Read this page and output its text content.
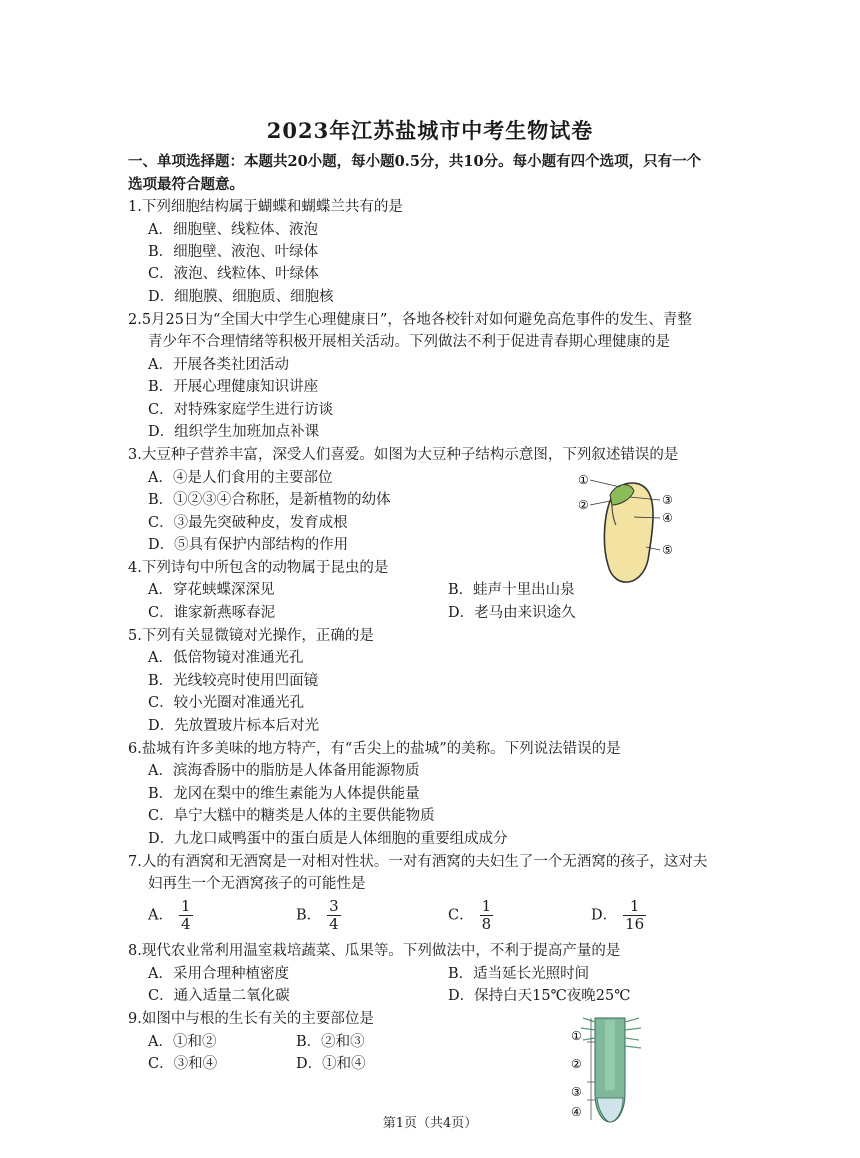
2023年江苏盐城市中考生物试卷
一、单项选择题：本题共20小题，每小题0.5分，共10分。每小题有四个选项，只有一个
选项最符合题意。
1.下列细胞结构属于蝴蝶和蝴蝶兰共有的是
A．细胞壁、线粒体、液泡
B．细胞壁、液泡、叶绿体
C．液泡、线粒体、叶绿体
D．细胞膜、细胞质、细胞核
2.5月25日为“全国大中学生心理健康日”，各地各校针对如何避免高危事件的发生、青整
青少年不合理情绪等积极开展相关活动。下列做法不利于促进青春期心理健康的是
A．开展各类社团活动
B．开展心理健康知识讲座
C．对特殊家庭学生进行访谈
D．组织学生加班加点补课
3.大豆种子营养丰富，深受人们喜爱。如图为大豆种子结构示意图，下列叙述错误的是
A．④是人们食用的主要部位
B．①②③④合称胚，是新植物的幼体
C．③最先突破种皮，发育成根
D．⑤具有保护内部结构的作用
①
②	③
④
⑤
4.下列诗句中所包含的动物属于昆虫的是
A．穿花蛱蝶深深见	B．蛙声十里出山泉
C．谁家新燕啄春泥	D．老马由来识途久
5.下列有关显微镜对光操作，正确的是
A．低倍物镜对准通光孔
B．光线较亮时使用凹面镜
C．较小光圈对准通光孔
D．先放置玻片标本后对光
6.盐城有许多美味的地方特产，有“舌尖上的盐城”的美称。下列说法错误的是
A．滨海香肠中的脂肪是人体备用能源物质
B．龙冈在梨中的维生素能为人体提供能量
C．阜宁大糕中的糖类是人体的主要供能物质
D．九龙口咸鸭蛋中的蛋白质是人体细胞的重要组成成分
7.人的有酒窝和无酒窝是一对相对性状。一对有酒窝的夫妇生了一个无酒窝的孩子，这对夫
妇再生一个无酒窝孩子的可能性是
A． $\frac{1}{4}$	B． $\frac{3}{4}$	C． $\frac{1}{8}$	D． $\frac{1}{16}$
8.现代农业常利用温室栽培蔬菜、瓜果等。下列做法中，不利于提高产量的是
A．采用合理种植密度	B．适当延长光照时间
C．通入适量二氧化碳	D．保持白天15℃夜晚25℃
9.如图中与根的生长有关的主要部位是
A．①和②	B．②和③
C．③和④	D．①和④
①
②
③
④
第1页（共4页）
